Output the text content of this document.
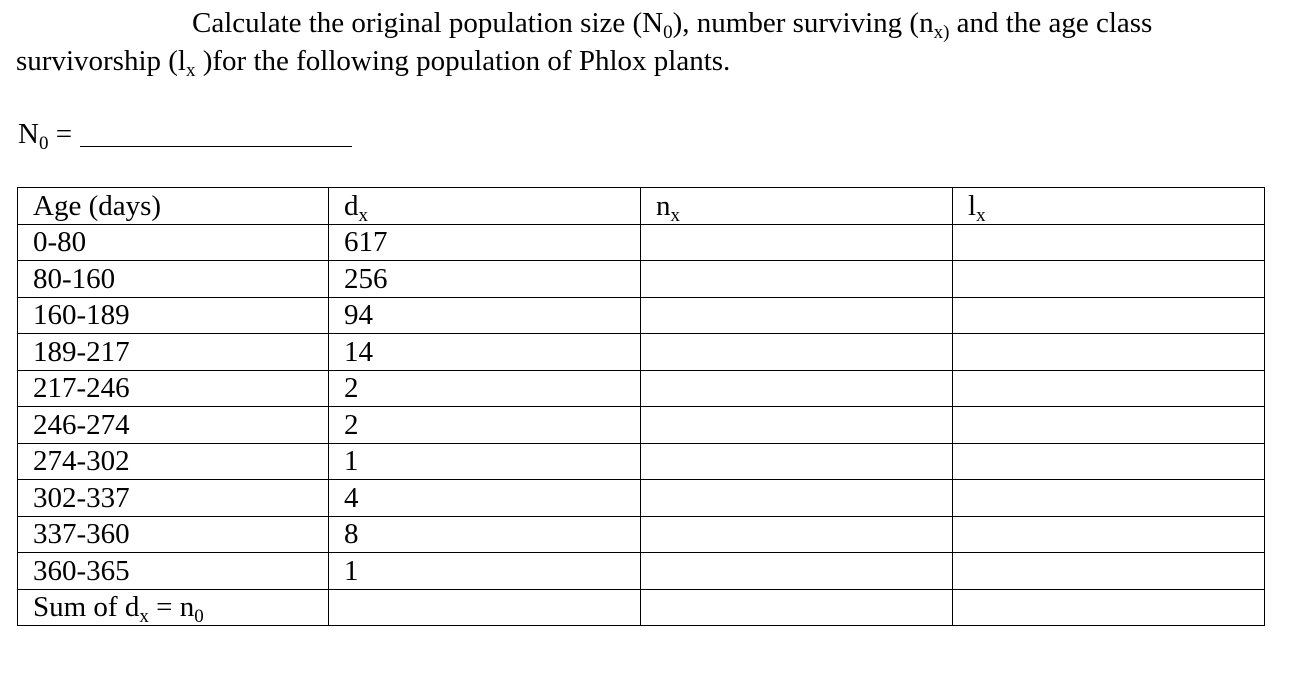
Calculate the original population size $(N_0)$, number surviving ($n_{x)}$ and the age class survivorship ($l_x$ )for the following population of Phlox plants.

$N_0$ =
Age (days)	$d_x$	$n_x$	$l_x$
0-80	617		
80-160	256		
160-189	94		
189-217	14		
217-246	2		
246-274	2		
274-302	1		
302-337	4		
337-360	8		
360-365	1		
Sum of $d_x = n_0$			
